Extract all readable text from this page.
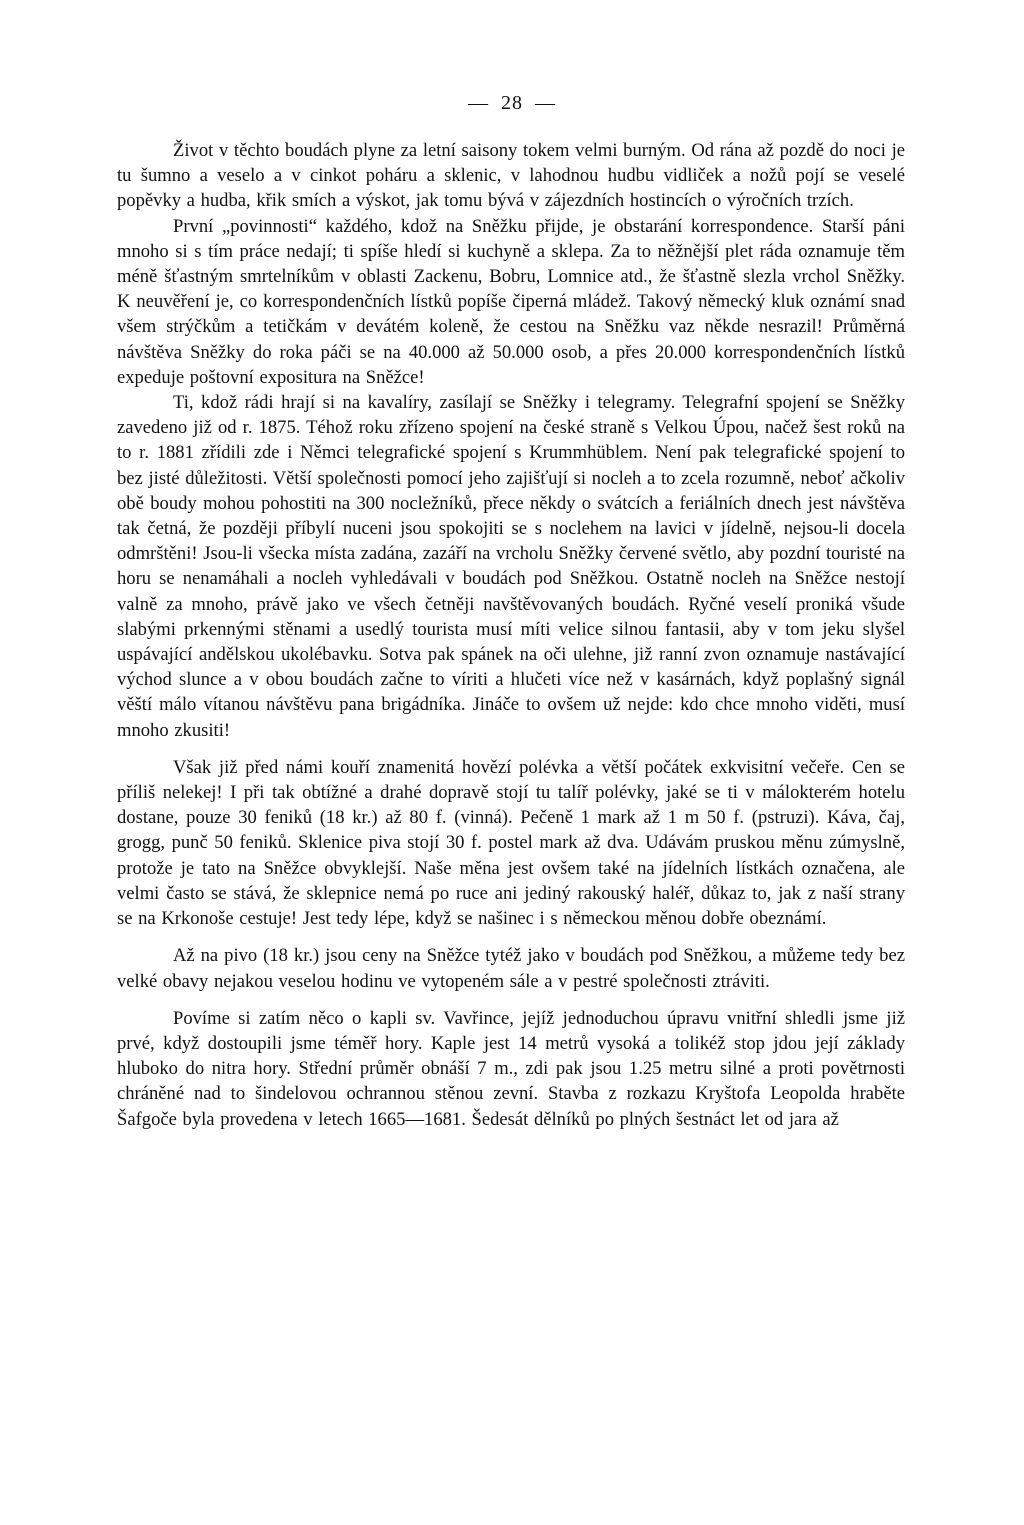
— 28 —

Život v těchto boudách plyne za letní saisony tokem velmi burným. Od rána až pozdě do noci je tu šumno a veselo a v cinkot poháru a sklenic, v lahodnou hudbu vidliček a nožů pojí se veselé popěvky a hudba, křik smích a výskot, jak tomu bývá v zájezdních hostincích o výročních trzích.

První „povinnosti“ každého, kdož na Sněžku přijde, je obstarání korrespondence. Starší páni mnoho si s tím práce nedají; ti spíše hledí si kuchyně a sklepa. Za to něžnější plet ráda oznamuje těm méně šťastným smrtelníkům v oblasti Zackenu, Bobru, Lomnice atd., že šťastně slezla vrchol Sněžky. K neuvěření je, co korrespondenčních lístků popíše čiperná mládež. Takový německý kluk oznámí snad všem strýčkům a tetičkám v devátém koleně, že cestou na Sněžku vaz někde nesrazil! Průměrná návštěva Sněžky do roka páči se na 40.000 až 50.000 osob, a přes 20.000 korrespondenčních lístků expeduje poštovní expositura na Sněžce!

Ti, kdož rádi hrají si na kavalíry, zasílají se Sněžky i telegramy. Telegrafní spojení se Sněžky zavedeno již od r. 1875. Téhož roku zřízeno spojení na české straně s Velkou Úpou, načež šest roků na to r. 1881 zřídili zde i Němci telegrafické spojení s Krummhüblem. Není pak telegrafické spojení to bez jisté důležitosti. Větší společnosti pomocí jeho zajišťují si nocleh a to zcela rozumně, neboť ačkoliv obě boudy mohou pohostiti na 300 nocležníků, přece někdy o svátcích a feriálních dnech jest návštěva tak četná, že později příbylí nuceni jsou spokojiti se s noclehem na lavici v jídelně, nejsou-li docela odmrštěni! Jsou-li všecka místa zadána, zazáří na vrcholu Sněžky červené světlo, aby pozdní touristé na horu se nenamáhali a nocleh vyhledávali v boudách pod Sněžkou. Ostatně nocleh na Sněžce nestojí valně za mnoho, právě jako ve všech četněji navštěvovaných boudách. Ryčné veselí proniká všude slabými prkennými stěnami a usedlý tourista musí míti velice silnou fantasii, aby v tom jeku slyšel uspávající andělskou ukolébavku. Sotva pak spánek na oči ulehne, již ranní zvon oznamuje nastávající východ slunce a v obou boudách začne to víriti a hlučeti více než v kasárnách, když poplašný signál věští málo vítanou návštěvu pana brigádníka. Jináče to ovšem už nejde: kdo chce mnoho viděti, musí mnoho zkusiti!

Však již před námi kouří znamenitá hovězí polévka a větší počátek exkvisitní večeře. Cen se příliš nelekej! I při tak obtížné a drahé dopravě stojí tu talíř polévky, jaké se ti v málokterém hotelu dostane, pouze 30 feniků (18 kr.) až 80 f. (vinná). Pečeně 1 mark až 1 m 50 f. (pstruzi). Káva, čaj, grogg, punč 50 feniků. Sklenice piva stojí 30 f. postel mark až dva. Udávám pruskou měnu zúmyslně, protože je tato na Sněžce obvyklejší. Naše měna jest ovšem také na jídelních lístkách označena, ale velmi často se stává, že sklepnice nemá po ruce ani jediný rakouský haléř, důkaz to, jak z naší strany se na Krkonoše cestuje! Jest tedy lépe, když se našinec i s německou měnou dobře obeznámí.

Až na pivo (18 kr.) jsou ceny na Sněžce tytéž jako v boudách pod Sněžkou, a můžeme tedy bez velké obavy nejakou veselou hodinu ve vytopeném sále a v pestré společnosti ztráviti.

Povíme si zatím něco o kapli sv. Vavřince, jejíž jednoduchou úpravu vnitřní shledli jsme již prvé, když dostoupili jsme téměř hory. Kaple jest 14 metrů vysoká a tolikéž stop jdou její základy hluboko do nitra hory. Střední průměr obnáší 7 m., zdi pak jsou 1.25 metru silné a proti povětrnosti chráněné nad to šindelovou ochrannou stěnou zevní. Stavba z rozkazu Kryštofa Leopolda hraběte Šafgoče byla provedena v letech 1665—1681. Šedesát dělníků po plných šestnáct let od jara až
